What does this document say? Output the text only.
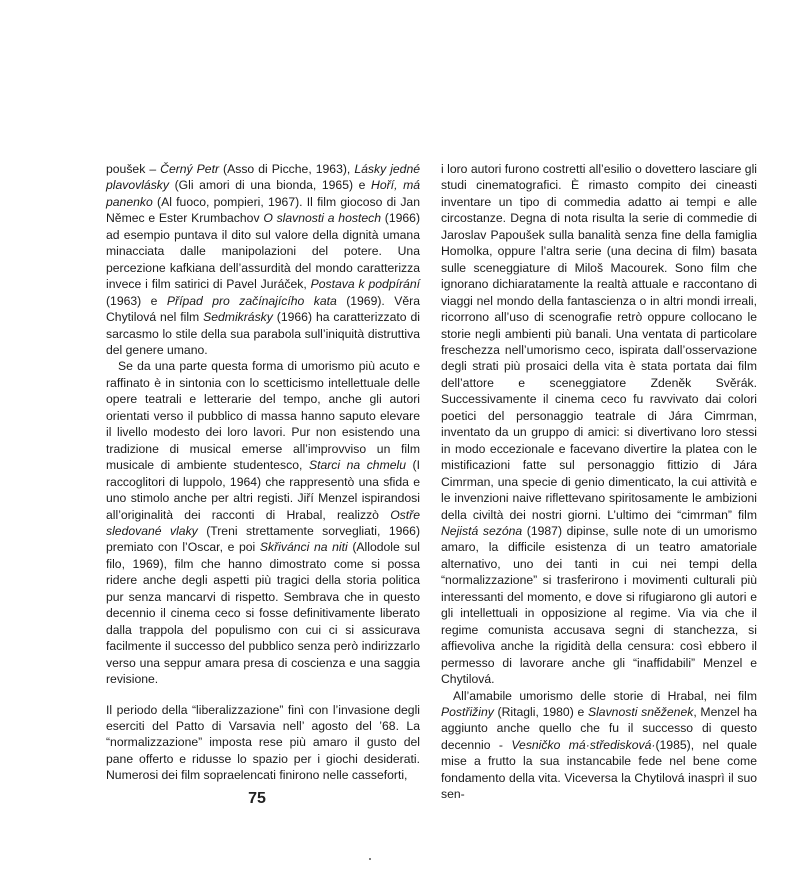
poušek – Černý Petr (Asso di Picche, 1963), Lásky jedné plavovlásky (Gli amori di una bionda, 1965) e Hoří, má panenko (Al fuoco, pompieri, 1967). Il film giocoso di Jan Němec e Ester Krumbachov O slavnosti a hostech (1966) ad esempio puntava il dito sul valore della dignità umana minacciata dalle manipolazioni del potere. Una percezione kafkiana dell’assurdità del mondo caratterizza invece i film satirici di Pavel Juráček, Postava k podpírání (1963) e Případ pro začínajícího kata (1969). Věra Chytilová nel film Sedmikrásky (1966) ha caratterizzato di sarcasmo lo stile della sua parabola sull’iniquità distruttiva del genere umano.

Se da una parte questa forma di umorismo più acuto e raffinato è in sintonia con lo scetticismo intellettuale delle opere teatrali e letterarie del tempo, anche gli autori orientati verso il pubblico di massa hanno saputo elevare il livello modesto dei loro lavori. Pur non esistendo una tradizione di musical emerse all’improvviso un film musicale di ambiente studentesco, Starci na chmelu (I raccoglitori di luppolo, 1964) che rappresentò una sfida e uno stimolo anche per altri registi. Jiří Menzel ispirandosi all’originalità dei racconti di Hrabal, realizzò Ostře sledované vlaky (Treni strettamente sorvegliati, 1966) premiato con l’Oscar, e poi Skřivánci na niti (Allodole sul filo, 1969), film che hanno dimostrato come si possa ridere anche degli aspetti più tragici della storia politica pur senza mancarvi di rispetto. Sembrava che in questo decennio il cinema ceco si fosse definitivamente liberato dalla trappola del populismo con cui ci si assicurava facilmente il successo del pubblico senza però indirizzarlo verso una seppur amara presa di coscienza e una saggia revisione.

Il periodo della “liberalizzazione” finì con l’invasione degli eserciti del Patto di Varsavia nell’ agosto del ’68. La “normalizzazione” imposta rese più amaro il gusto del pane offerto e ridusse lo spazio per i giochi desiderati. Numerosi dei film sopraelencati finirono nelle casseforti,

i loro autori furono costretti all’esilio o dovettero lasciare gli studi cinematografici. È rimasto compito dei cineasti inventare un tipo di commedia adatto ai tempi e alle circostanze. Degna di nota risulta la serie di commedie di Jaroslav Papoušek sulla banalità senza fine della famiglia Homolka, oppure l’altra serie (una decina di film) basata sulle sceneggiature di Miloš Macourek. Sono film che ignorano dichiaratamente la realtà attuale e raccontano di viaggi nel mondo della fantascienza o in altri mondi irreali, ricorrono all’uso di scenografie retrò oppure collocano le storie negli ambienti più banali. Una ventata di particolare freschezza nell’umorismo ceco, ispirata dall’osservazione degli strati più prosaici della vita è stata portata dai film dell’attore e sceneggiatore Zdeněk Svěrák. Successivamente il cinema ceco fu ravvivato dai colori poetici del personaggio teatrale di Jára Cimrman, inventato da un gruppo di amici: si divertivano loro stessi in modo eccezionale e facevano divertire la platea con le mistificazioni fatte sul personaggio fittizio di Jára Cimrman, una specie di genio dimenticato, la cui attività e le invenzioni naive riflettevano spiritosamente le ambizioni della civiltà dei nostri giorni. L’ultimo dei “cimrman” film Nejistá sezóna (1987) dipinse, sulle note di un umorismo amaro, la difficile esistenza di un teatro amatoriale alternativo, uno dei tanti in cui nei tempi della “normalizzazione” si trasferirono i movimenti culturali più interessanti del momento, e dove si rifugiarono gli autori e gli intellettuali in opposizione al regime. Via via che il regime comunista accusava segni di stanchezza, si affievoliva anche la rigidità della censura: così ebbero il permesso di lavorare anche gli “inaffidabili” Menzel e Chytilová.

All’amabile umorismo delle storie di Hrabal, nei film Postřižiny (Ritagli, 1980) e Slavnosti sněženek, Menzel ha aggiunto anche quello che fu il successo di questo decennio - Vesničko má·středisková·(1985), nel quale mise a frutto la sua instancabile fede nel bene come fondamento della vita. Viceversa la Chytilová inasprì il suo sen-

75
